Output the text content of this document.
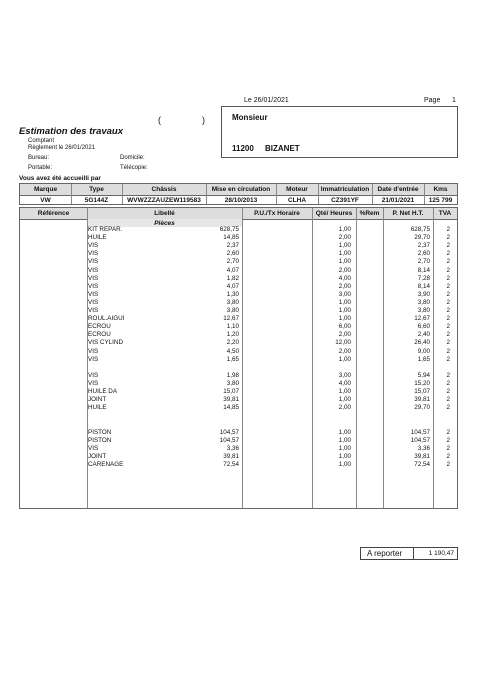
Le 26/01/2021	Page 1
Monsieur
11200 BIZANET
(	)
Estimation des travaux
Comptant
Règlement le 26/01/2021
Bureau:	Domicile:
Portable:	Télécopie:
Vous avez été accueilli par
Marque	Type	Châssis	Mise en circulation	Moteur	Immatriculation	Date d'entrée	Kms
VW	5G144Z	WVWZZZAUZEW119583	28/10/2013	CLHA	CZ391YF	21/01/2021	125 799
Référence	Libellé	P.U./Tx Horaire	Qté/ Heures	%Rem	P. Net H.T.	TVA
Pièces
KIT REPAR.	628,75	1,00	628,75	2
HUILE	14,85	2,00	29,70	2
VIS	2,37	1,00	2,37	2
VIS	2,60	1,00	2,60	2
VIS	2,70	1,00	2,70	2
VIS	4,07	2,00	8,14	2
VIS	1,82	4,00	7,28	2
VIS	4,07	2,00	8,14	2
VIS	1,30	3,00	3,90	2
VIS	3,80	1,00	3,80	2
VIS	3,80	1,00	3,80	2
ROUL.AIGUI	12,67	1,00	12,67	2
ECROU	1,10	6,00	6,60	2
ECROU	1,20	2,00	2,40	2
VIS CYLIND	2,20	12,00	26,40	2
VIS	4,50	2,00	9,00	2
VIS	1,65	1,00	1,65	2
VIS	1,98	3,00	5,94	2
VIS	3,80	4,00	15,20	2
HUILE DA	15,07	1,00	15,07	2
JOINT	39,81	1,00	39,81	2
HUILE	14,85	2,00	29,70	2
PISTON	104,57	1,00	104,57	2
PISTON	104,57	1,00	104,57	2
VIS	3,36	1,00	3,36	2
JOINT	39,81	1,00	39,81	2
CARENAGE	72,54	1,00	72,54	2
A reporter	1 190,47
